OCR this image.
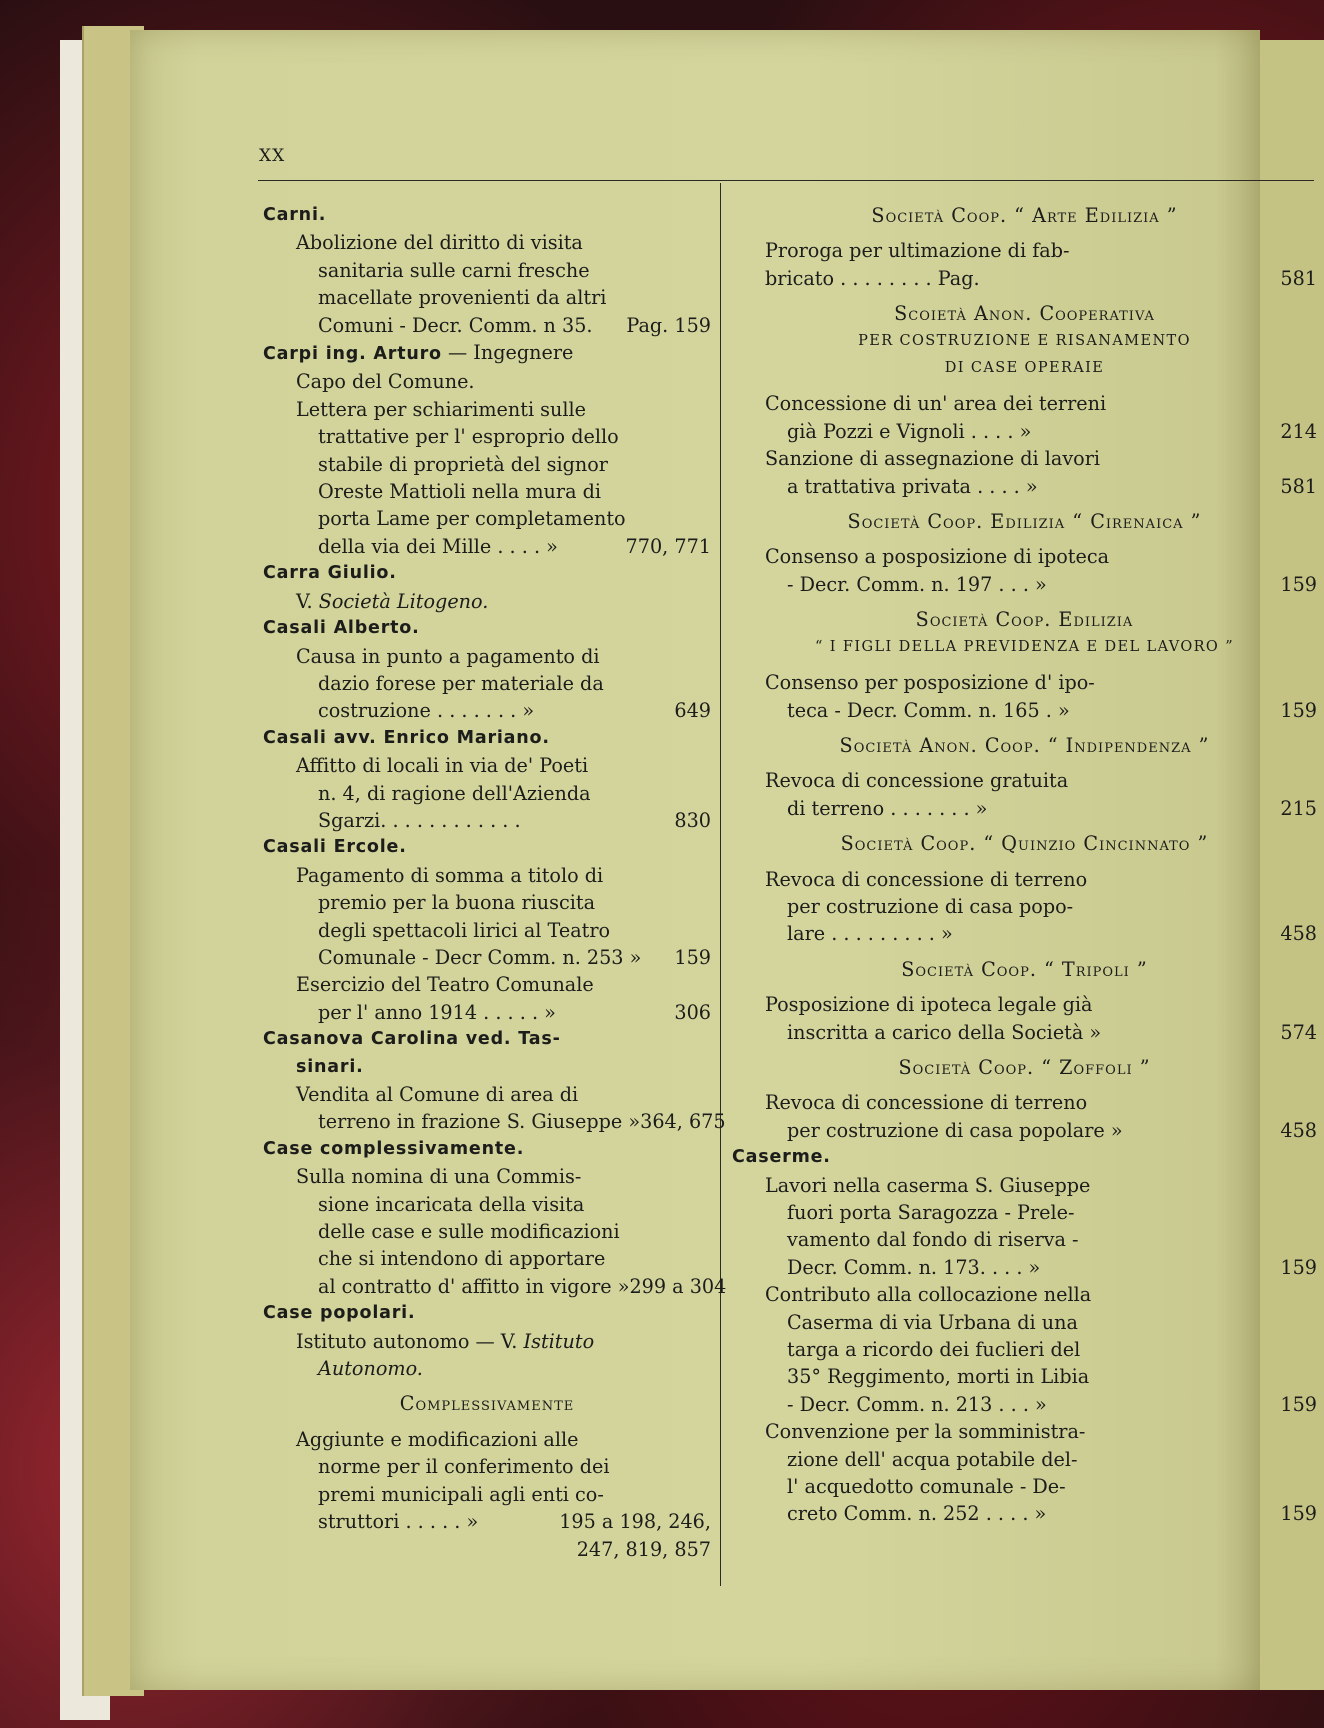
XX
Carni.
Abolizione del diritto di visita
sanitaria sulle carni fresche
macellate provenienti da altri
Comuni - Decr. Comm. n 35. Pag. 159
Carpi ing. Arturo — Ingegnere
Capo del Comune.
Lettera per schiarimenti sulle
trattative per l' esproprio dello
stabile di proprietà del signor
Oreste Mattioli nella mura di
porta Lame per completamento
della via dei Mille . . . . »	770, 771
Carra Giulio.
V. Società Litogeno.
Casali Alberto.
Causa in punto a pagamento di
dazio forese per materiale da
costruzione . . . . . . . »	649
Casali avv. Enrico Mariano.
Affitto di locali in via de' Poeti
n. 4, di ragione dell'Azienda
Sgarzi. . . . . . . . . . . .	830
Casali Ercole.
Pagamento di somma a titolo di
premio per la buona riuscita
degli spettacoli lirici al Teatro
Comunale - Decr Comm. n. 253 » 159
Esercizio del Teatro Comunale
per l' anno 1914 . . . . . »	306
Casanova Carolina ved. Tas-
sinari.
Vendita al Comune di area di
terreno in frazione S. Giuseppe » 364, 675
Case complessivamente.
Sulla nomina di una Commis-
sione incaricata della visita
delle case e sulle modificazioni
che si intendono di apportare
al contratto d' affitto in vigore » 299 a 304
Case popolari.
Istituto autonomo — V. Istituto
Autonomo.
Complessivamente
Aggiunte e modificazioni alle
norme per il conferimento dei
premi municipali agli enti co-
struttori . . . . . »	195 a 198, 246,
247, 819, 857
Società Coop. “ Arte Edilizia ”
Proroga per ultimazione di fab-
bricato . . . . . . . . Pag.	581
Scoietà Anon. Cooperativa
PER COSTRUZIONE E RISANAMENTO
DI CASE OPERAIE
Concessione di un' area dei terreni
già Pozzi e Vignoli . . . . »	214
Sanzione di assegnazione di lavori
a trattativa privata . . . . »	581
Società Coop. Edilizia “ Cirenaica ”
Consenso a posposizione di ipoteca
- Decr. Comm. n. 197 . . . »	159
Società Coop. Edilizia
“ I FIGLI DELLA PREVIDENZA E DEL LAVORO ”
Consenso per posposizione d' ipo-
teca - Decr. Comm. n. 165 . »	159
Società Anon. Coop. “ Indipendenza ”
Revoca di concessione gratuita
di terreno . . . . . . . »	215
Società Coop. “ Quinzio Cincinnato ”
Revoca di concessione di terreno
per costruzione di casa popo-
lare . . . . . . . . . »	458
Società Coop. “ Tripoli ”
Posposizione di ipoteca legale già
inscritta a carico della Società »	574
Società Coop. “ Zoffoli ”
Revoca di concessione di terreno
per costruzione di casa popolare »	458
Caserme.
Lavori nella caserma S. Giuseppe
fuori porta Saragozza - Prele-
vamento dal fondo di riserva -
Decr. Comm. n. 173. . . . »	159
Contributo alla collocazione nella
Caserma di via Urbana di una
targa a ricordo dei fuclieri del
35° Reggimento, morti in Libia
- Decr. Comm. n. 213 . . . »	159
Convenzione per la somministra-
zione dell' acqua potabile del-
l' acquedotto comunale - De-
creto Comm. n. 252 . . . . »	159
